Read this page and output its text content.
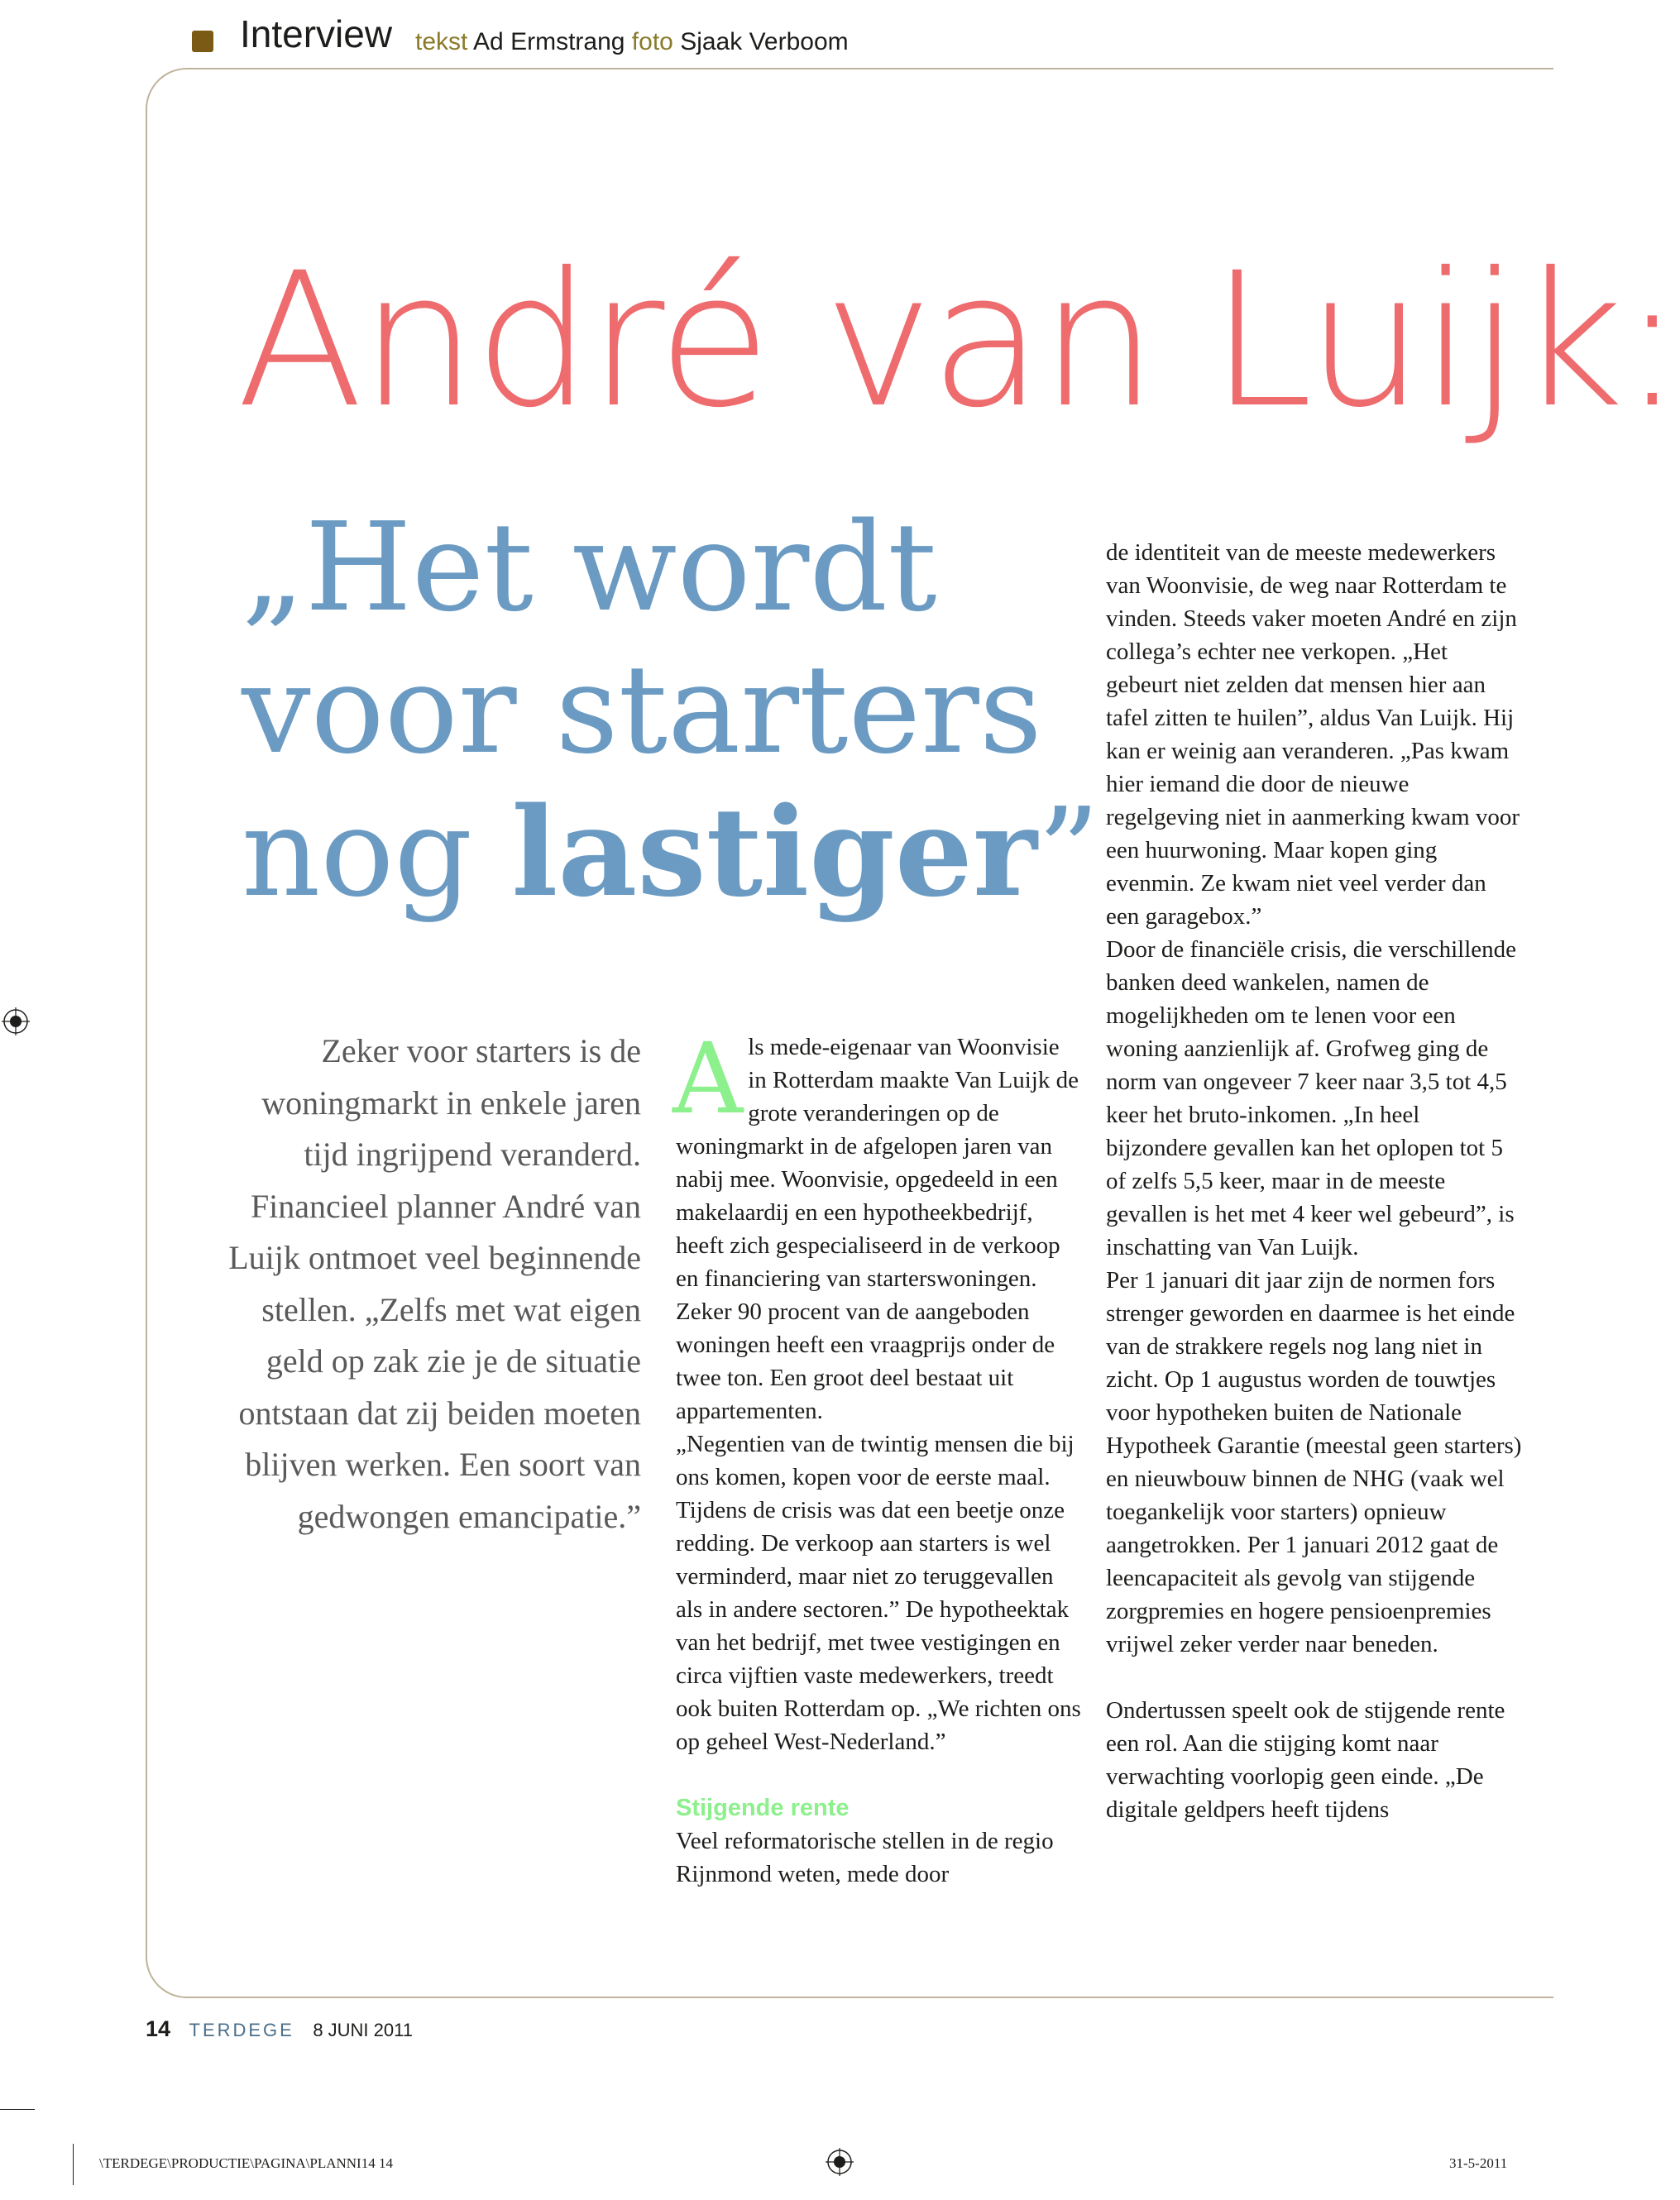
Interview tekst Ad Ermstrang foto Sjaak Verboom
André van Luijk:
„Het wordt
voor starters
nog lastiger”

Zeker voor starters is de woningmarkt in enkele jaren tijd ingrijpend veranderd. Financieel planner André van Luijk ontmoet veel beginnende stellen. „Zelfs met wat eigen geld op zak zie je de situatie ontstaan dat zij beiden moeten blijven werken. Een soort van gedwongen emancipatie.”

Als mede-eigenaar van Woonvisie in Rotterdam maakte Van Luijk de grote veranderingen op de woningmarkt in de afgelopen jaren van nabij mee. Woonvisie, opgedeeld in een makelaardij en een hypotheekbedrijf, heeft zich gespecialiseerd in de verkoop en financiering van starterswoningen. Zeker 90 procent van de aangeboden woningen heeft een vraagprijs onder de twee ton. Een groot deel bestaat uit appartementen.

„Negentien van de twintig mensen die bij ons komen, kopen voor de eerste maal. Tijdens de crisis was dat een beetje onze redding. De verkoop aan starters is wel verminderd, maar niet zo teruggevallen als in andere sectoren.” De hypotheektak van het bedrijf, met twee vestigingen en circa vijftien vaste medewerkers, treedt ook buiten Rotterdam op. „We richten ons op geheel West-Nederland.”

Stijgende rente

Veel reformatorische stellen in de regio Rijnmond weten, mede door

de identiteit van de meeste medewerkers van Woonvisie, de weg naar Rotterdam te vinden. Steeds vaker moeten André en zijn collega’s echter nee verkopen. „Het gebeurt niet zelden dat mensen hier aan tafel zitten te huilen”, aldus Van Luijk. Hij kan er weinig aan veranderen. „Pas kwam hier iemand die door de nieuwe regelgeving niet in aanmerking kwam voor een huurwoning. Maar kopen ging evenmin. Ze kwam niet veel verder dan een garagebox.”

Door de financiële crisis, die verschillende banken deed wankelen, namen de mogelijkheden om te lenen voor een woning aanzienlijk af. Grofweg ging de norm van ongeveer 7 keer naar 3,5 tot 4,5 keer het bruto-inkomen. „In heel bijzondere gevallen kan het oplopen tot 5 of zelfs 5,5 keer, maar in de meeste gevallen is het met 4 keer wel gebeurd”, is inschatting van Van Luijk.

Per 1 januari dit jaar zijn de normen fors strenger geworden en daarmee is het einde van de strakkere regels nog lang niet in zicht. Op 1 augustus worden de touwtjes voor hypotheken buiten de Nationale Hypotheek Garantie (meestal geen starters) en nieuwbouw binnen de NHG (vaak wel toegankelijk voor starters) opnieuw aangetrokken. Per 1 januari 2012 gaat de leencapaciteit als gevolg van stijgende zorgpremies en hogere pensioenpremies vrijwel zeker verder naar beneden.

Ondertussen speelt ook de stijgende rente een rol. Aan die stijging komt naar verwachting voorlopig geen einde. „De digitale geldpers heeft tijdens

14 TERDEGE 8 JUNI 2011
\TERDEGE\PRODUCTIE\PAGINA\PLANNI14 14	31-5-2011
